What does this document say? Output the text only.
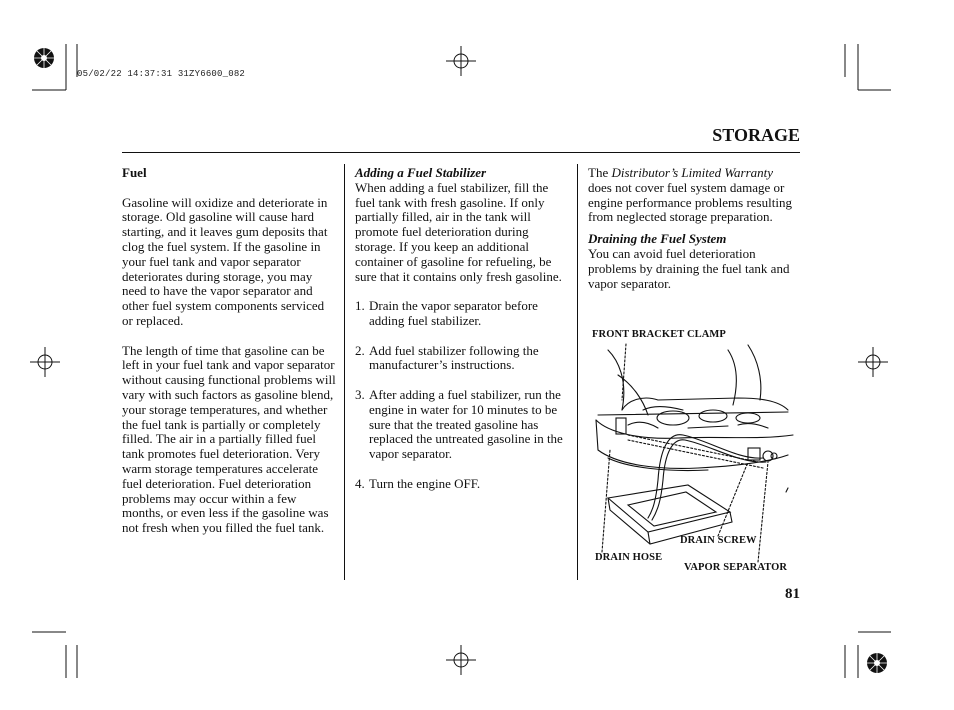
05/02/22 14:37:31 31ZY6600_082
STORAGE

Fuel

Gasoline will oxidize and deteriorate in storage. Old gasoline will cause hard starting, and it leaves gum deposits that clog the fuel system. If the gasoline in your fuel tank and vapor separator deteriorates during storage, you may need to have the vapor separator and other fuel system components serviced or replaced.

The length of time that gasoline can be left in your fuel tank and vapor separator without causing functional problems will vary with such factors as gasoline blend, your storage temperatures, and whether the fuel tank is partially or completely filled. The air in a partially filled fuel tank promotes fuel deterioration. Very warm storage temperatures accelerate fuel deterioration. Fuel deterioration problems may occur within a few months, or even less if the gasoline was not fresh when you filled the fuel tank.

Adding a Fuel Stabilizer

When adding a fuel stabilizer, fill the fuel tank with fresh gasoline. If only partially filled, air in the tank will promote fuel deterioration during storage. If you keep an additional container of gasoline for refueling, be sure that it contains only fresh gasoline.

1. Drain the vapor separator before adding fuel stabilizer.
2. Add fuel stabilizer following the manufacturer’s instructions.
3. After adding a fuel stabilizer, run the engine in water for 10 minutes to be sure that the treated gasoline has replaced the untreated gasoline in the vapor separator.
4. Turn the engine OFF.

The Distributor’s Limited Warranty does not cover fuel system damage or engine performance problems resulting from neglected storage preparation.

Draining the Fuel System

You can avoid fuel deterioration problems by draining the fuel tank and vapor separator.

FRONT BRACKET CLAMP
DRAIN SCREW
DRAIN HOSE
VAPOR SEPARATOR
81
